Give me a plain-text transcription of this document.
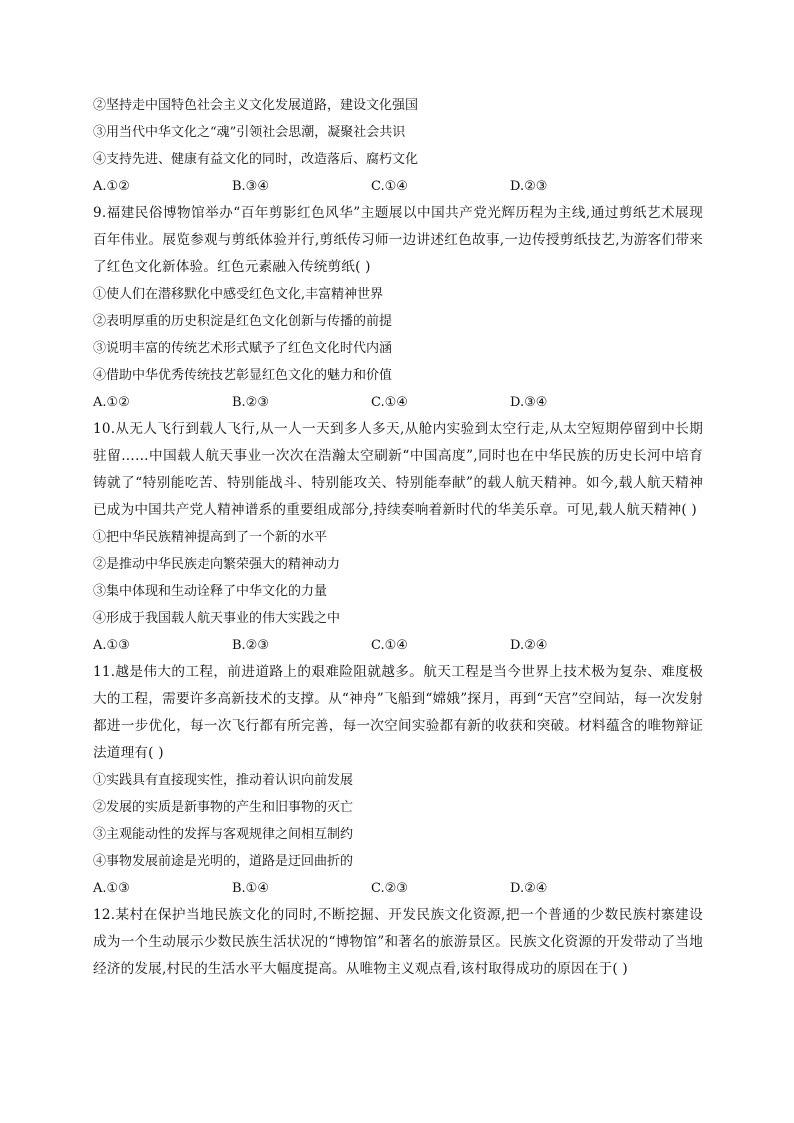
②坚持走中国特色社会主义文化发展道路，建设文化强国
③用当代中华文化之“魂”引领社会思潮，凝聚社会共识
④支持先进、健康有益文化的同时，改造落后、腐朽文化
A.①②	B.③④	C.①④	D.②③
9.福建民俗博物馆举办“百年剪影红色风华”主题展以中国共产党光辉历程为主线,通过剪纸艺术展现百年伟业。展览参观与剪纸体验并行,剪纸传习师一边讲述红色故事,一边传授剪纸技艺,为游客们带来了红色文化新体验。红色元素融入传统剪纸( )
①使人们在潜移默化中感受红色文化,丰富精神世界
②表明厚重的历史积淀是红色文化创新与传播的前提
③说明丰富的传统艺术形式赋予了红色文化时代内涵
④借助中华优秀传统技艺彰显红色文化的魅力和价值
A.①②	B.②③	C.①④	D.③④
10.从无人飞行到载人飞行,从一人一天到多人多天,从舱内实验到太空行走,从太空短期停留到中长期驻留……中国载人航天事业一次次在浩瀚太空刷新“中国高度”,同时也在中华民族的历史长河中培育铸就了“特别能吃苦、特别能战斗、特别能攻关、特别能奉献”的载人航天精神。如今,载人航天精神已成为中国共产党人精神谱系的重要组成部分,持续奏响着新时代的华美乐章。可见,载人航天精神( )
①把中华民族精神提高到了一个新的水平
②是推动中华民族走向繁荣强大的精神动力
③集中体现和生动诠释了中华文化的力量
④形成于我国载人航天事业的伟大实践之中
A.①③	B.②③	C.①④	D.②④
11.越是伟大的工程，前进道路上的艰难险阻就越多。航天工程是当今世界上技术极为复杂、难度极大的工程，需要许多高新技术的支撑。从“神舟”飞船到“嫦娥”探月，再到“天宫”空间站，每一次发射都进一步优化，每一次飞行都有所完善，每一次空间实验都有新的收获和突破。材料蕴含的唯物辩证法道理有( )
①实践具有直接现实性，推动着认识向前发展
②发展的实质是新事物的产生和旧事物的灭亡
③主观能动性的发挥与客观规律之间相互制约
④事物发展前途是光明的，道路是迂回曲折的
A.①③	B.①④	C.②③	D.②④
12.某村在保护当地民族文化的同时,不断挖掘、开发民族文化资源,把一个普通的少数民族村寨建设成为一个生动展示少数民族生活状况的“博物馆”和著名的旅游景区。民族文化资源的开发带动了当地经济的发展,村民的生活水平大幅度提高。从唯物主义观点看,该村取得成功的原因在于( )
